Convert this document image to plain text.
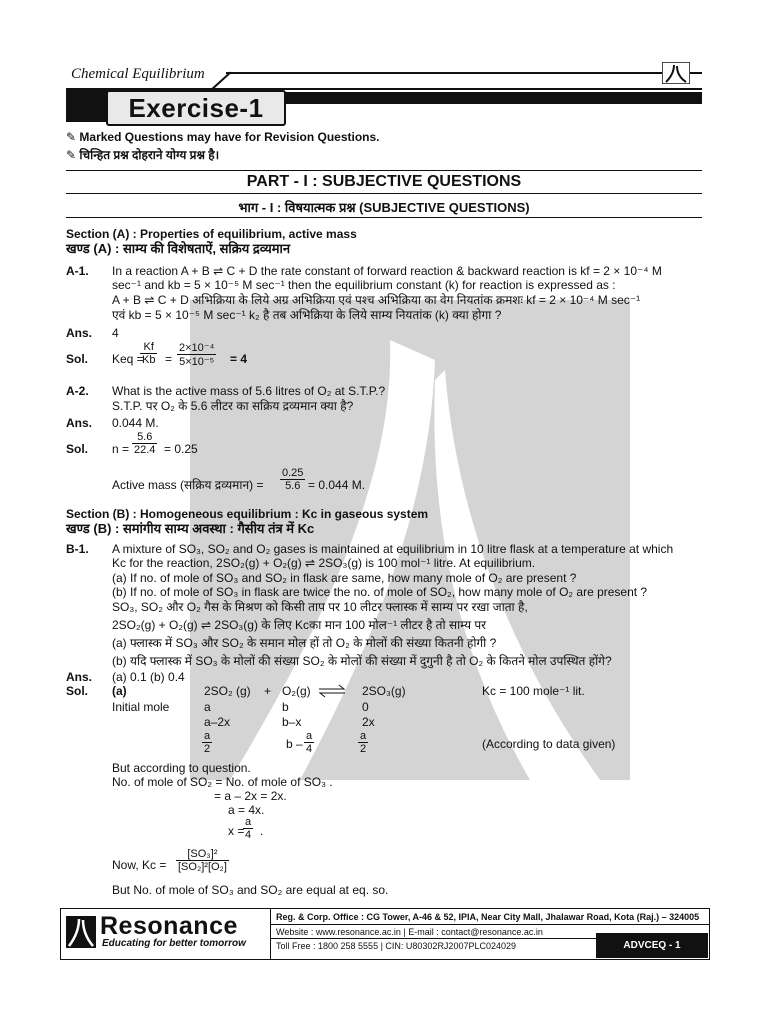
Chemical Equilibrium
Exercise-1
✎ Marked Questions may have for Revision Questions.
✎ चिन्हित प्रश्न दोहराने योग्य प्रश्न है।
PART - I : SUBJECTIVE QUESTIONS
भाग - I : विषयात्मक प्रश्न (SUBJECTIVE QUESTIONS)
Section (A) : Properties of equilibrium, active mass
खण्ड (A) : साम्य की विशेषताऐं, सक्रिय द्रव्यमान
A-1. In a reaction A + B ⇌ C + D the rate constant of forward reaction & backward reaction is kf = 2 × 10⁻⁴ M
sec⁻¹ and kb = 5 × 10⁻⁵ M sec⁻¹ then the equilibrium constant (k) for reaction is expressed as :
A + B ⇌ C + D अभिक्रिया के लिये अग्र अभिक्रिया एवं पश्च अभिक्रिया का वेग नियतांक क्रमशः kf = 2 × 10⁻⁴ M sec⁻¹
एवं kb = 5 × 10⁻⁵ M sec⁻¹ k₂ है तब अभिक्रिया के लिये साम्य नियतांक (k) क्या होगा ?
Ans. 4
Sol. Keq =
$\frac{Kf}{Kb} = \frac{\text{2×10⁻⁴}}{\text{5×10⁻⁵}} = 4$
A-2. What is the active mass of 5.6 litres of O₂ at S.T.P.?
S.T.P. पर O₂ के 5.6 लीटर का सक्रिय द्रव्यमान क्या है?
Ans. 0.044 M.
Sol. $n = \frac{5.6}{22.4} = 0.25$
Active mass (सक्रिय द्रव्यमान) = $\frac{0.25}{5.6} = 0.044$ M.
Section (B) : Homogeneous equilibrium : Kc in gaseous system
खण्ड (B) : समांगीय साम्य अवस्था : गैसीय तंत्र में Kc
B-1. A mixture of SO₃, SO₂ and O₂ gases is maintained at equilibrium in 10 litre flask at a temperature at which
Kc for the reaction, 2SO₂(g) + O₂(g) ⇌ 2SO₃(g) is 100 mol⁻¹ litre. At equilibrium.
(a) If no. of mole of SO₃ and SO₂ in flask are same, how many mole of O₂ are present ?
(b) If no. of mole of SO₃ in flask are twice the no. of mole of SO₂, how many mole of O₂ are present ?
SO₃, SO₂ और O₂ गैस के मिश्रण को किसी ताप पर 10 लीटर फ्लास्क में साम्य पर रखा जाता है,
2SO₂(g) + O₂(g) ⇌ 2SO₃(g) के लिए Kcका मान 100 मोल⁻¹ लीटर है तो साम्य पर
(a) फ्लास्क में SO₃ और SO₂ के समान मोल हों तो O₂ के मोलों की संख्या कितनी होगी ?
(b) यदि फ्लास्क में SO₃ के मोलों की संख्या SO₂ के मोलों की संख्या में दुगुनी है तो O₂ के कितने मोल उपस्थित होंगे?
Ans. (a) 0.1 (b) 0.4
Sol. (a)	2SO₂ (g) + O₂(g) ⇌ 2SO₃(g)	Kc = 100 mole⁻¹ lit.
Initial mole	a	b	0
a–2x	b–x	2x
$\frac{a}{2}$	b – $\frac{a}{4}$	$\frac{a}{2}$	(According to data given)
But according to question.
No. of mole of SO₂ = No. of mole of SO₃ .
= a – 2x = 2x.
a = 4x.
x =
$\frac{a}{4}$ .
Now, $Kc = \frac{\text{[SO₃]²}}{\text{[SO₂]²[O₂]}}$
But No. of mole of SO₃ and SO₂ are equal at eq. so.
Resonance
Educating for better tomorrow
Reg. & Corp. Office : CG Tower, A-46 & 52, IPIA, Near City Mall, Jhalawar Road, Kota (Raj.) – 324005
Website : www.resonance.ac.in | E-mail : contact@resonance.ac.in
Toll Free : 1800 258 5555 | CIN: U80302RJ2007PLC024029	ADVCEQ - 1
